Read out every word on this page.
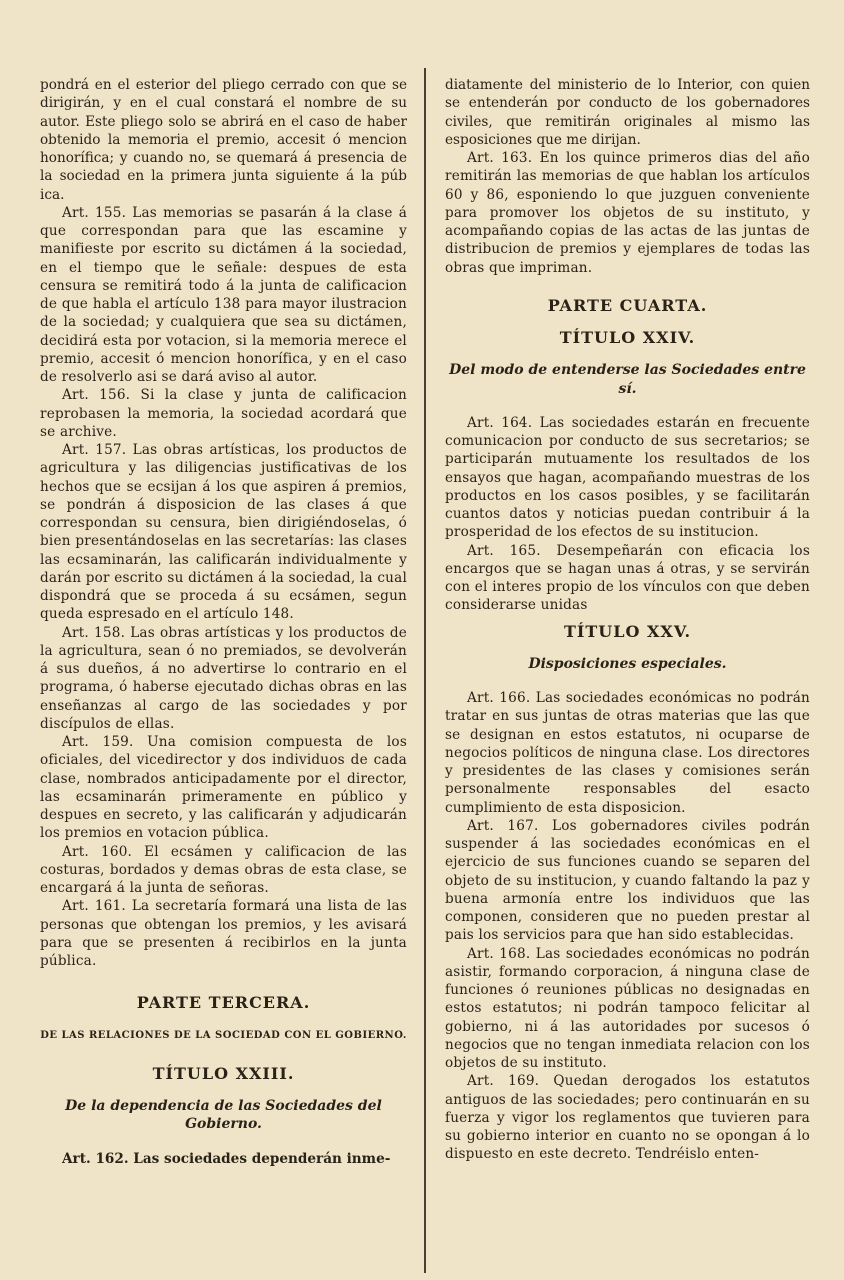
pondrá en el esterior del pliego cerrado con que se dirigirán, y en el cual constará el nombre de su autor. Este pliego solo se abrirá en el caso de haber obtenido la memoria el premio, accesit ó mencion honorífica; y cuando no, se quemará á presencia de la sociedad en la primera junta siguiente á la púb ica.

Art. 155. Las memorias se pasarán á la clase á que correspondan para que las escamine y manifieste por escrito su dictámen á la sociedad, en el tiempo que le señale: despues de esta censura se remitirá todo á la junta de calificacion de que habla el artículo 138 para mayor ilustracion de la sociedad; y cualquiera que sea su dictámen, decidirá esta por votacion, si la memoria merece el premio, accesit ó mencion honorífica, y en el caso de resolverlo asi se dará aviso al autor.

Art. 156. Si la clase y junta de calificacion reprobasen la memoria, la sociedad acordará que se archive.

Art. 157. Las obras artísticas, los productos de agricultura y las diligencias justificativas de los hechos que se ecsijan á los que aspiren á premios, se pondrán á disposicion de las clases á que correspondan su censura, bien dirigiéndoselas, ó bien presentándoselas en las secretarías: las clases las ecsaminarán, las calificarán individualmente y darán por escrito su dictámen á la sociedad, la cual dispondrá que se proceda á su ecsámen, segun queda espresado en el artículo 148.

Art. 158. Las obras artísticas y los productos de la agricultura, sean ó no premiados, se devolverán á sus dueños, á no advertirse lo contrario en el programa, ó haberse ejecutado dichas obras en las enseñanzas al cargo de las sociedades y por discípulos de ellas.

Art. 159. Una comision compuesta de los oficiales, del vicedirector y dos individuos de cada clase, nombrados anticipadamente por el director, las ecsaminarán primeramente en público y despues en secreto, y las calificarán y adjudicarán los premios en votacion pública.

Art. 160. El ecsámen y calificacion de las costuras, bordados y demas obras de esta clase, se encargará á la junta de señoras.

Art. 161. La secretaría formará una lista de las personas que obtengan los premios, y les avisará para que se presenten á recibirlos en la junta pública.

PARTE TERCERA.
DE LAS RELACIONES DE LA SOCIEDAD CON EL GOBIERNO.
TÍTULO XXIII.
De la dependencia de las Sociedades del Gobierno.

Art. 162. Las sociedades dependerán inme-

diatamente del ministerio de lo Interior, con quien se entenderán por conducto de los gobernadores civiles, que remitirán originales al mismo las esposiciones que me dirijan.

Art. 163. En los quince primeros dias del año remitirán las memorias de que hablan los artículos 60 y 86, esponiendo lo que juzguen conveniente para promover los objetos de su instituto, y acompañando copias de las actas de las juntas de distribucion de premios y ejemplares de todas las obras que impriman.

PARTE CUARTA.
TÍTULO XXIV.
Del modo de entenderse las Sociedades entre sí.

Art. 164. Las sociedades estarán en frecuente comunicacion por conducto de sus secretarios; se participarán mutuamente los resultados de los ensayos que hagan, acompañando muestras de los productos en los casos posibles, y se facilitarán cuantos datos y noticias puedan contribuir á la prosperidad de los efectos de su institucion.

Art. 165. Desempeñarán con eficacia los encargos que se hagan unas á otras, y se servirán con el interes propio de los vínculos con que deben considerarse unidas

TÍTULO XXV.
Disposiciones especiales.

Art. 166. Las sociedades económicas no podrán tratar en sus juntas de otras materias que las que se designan en estos estatutos, ni ocuparse de negocios políticos de ninguna clase. Los directores y presidentes de las clases y comisiones serán personalmente responsables del esacto cumplimiento de esta disposicion.

Art. 167. Los gobernadores civiles podrán suspender á las sociedades económicas en el ejercicio de sus funciones cuando se separen del objeto de su institucion, y cuando faltando la paz y buena armonía entre los individuos que las componen, consideren que no pueden prestar al pais los servicios para que han sido establecidas.

Art. 168. Las sociedades económicas no podrán asistir, formando corporacion, á ninguna clase de funciones ó reuniones públicas no designadas en estos estatutos; ni podrán tampoco felicitar al gobierno, ni á las autoridades por sucesos ó negocios que no tengan inmediata relacion con los objetos de su instituto.

Art. 169. Quedan derogados los estatutos antiguos de las sociedades; pero continuarán en su fuerza y vigor los reglamentos que tuvieren para su gobierno interior en cuanto no se opongan á lo dispuesto en este decreto. Tendréislo enten-
